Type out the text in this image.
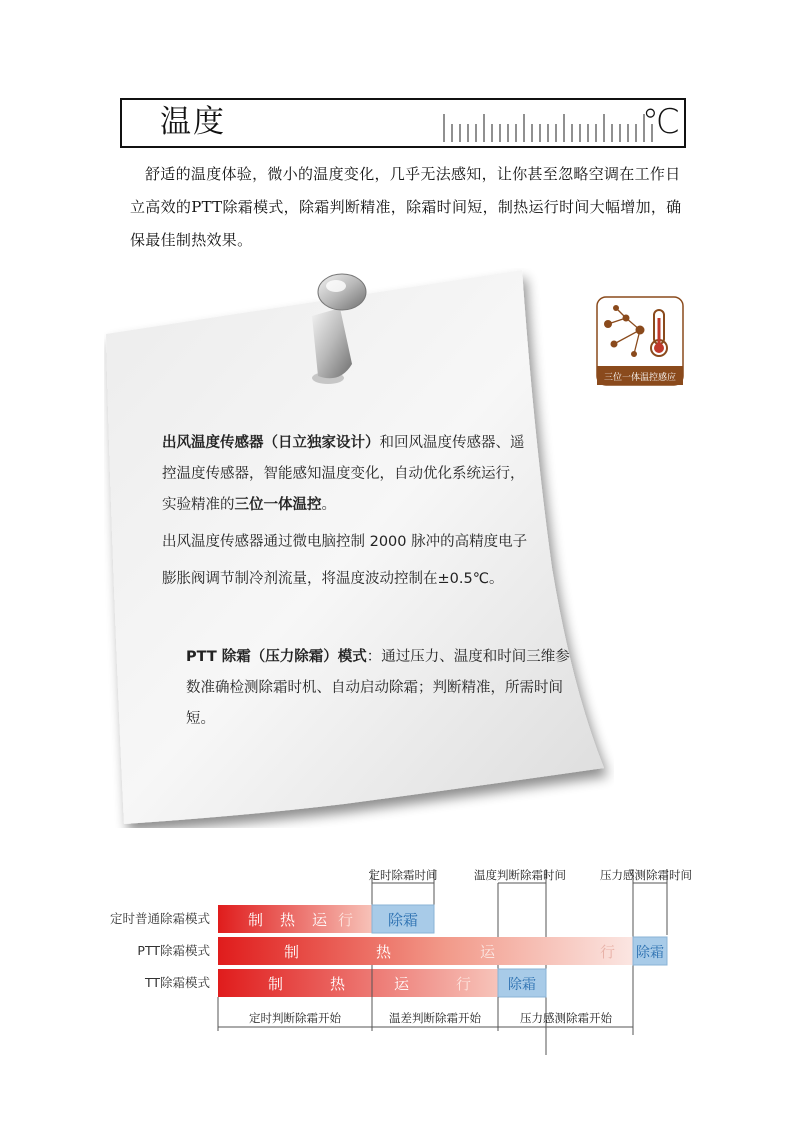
温度	℃

舒适的温度体验，微小的温度变化，几乎无法感知，让你甚至忽略空调在工作日立高效的PTT除霜模式，除霜判断精准，除霜时间短，制热运行时间大幅增加，确保最佳制热效果。

出风温度传感器（日立独家设计）和回风温度传感器、遥控温度传感器，智能感知温度变化，自动优化系统运行，实验精准的三位一体温控。

出风温度传感器通过微电脑控制 2000 脉冲的高精度电子膨胀阀调节制冷剂流量，将温度波动控制在±0.5℃。

PTT 除霜（压力除霜）模式：通过压力、温度和时间三维参数准确检测除霜时机、自动启动除霜；判断精准，所需时间短。

三位一体温控感应
定时除霜时间	温度判断除霜时间	压力感测除霜时间
定时普通除霜模式
PTT除霜模式
TT除霜模式
制 热 运 行 除霜
制	热	运	行 除霜
制	热	运	行	除霜
定时判断除霜开始	温差判断除霜开始	压力感测除霜开始
